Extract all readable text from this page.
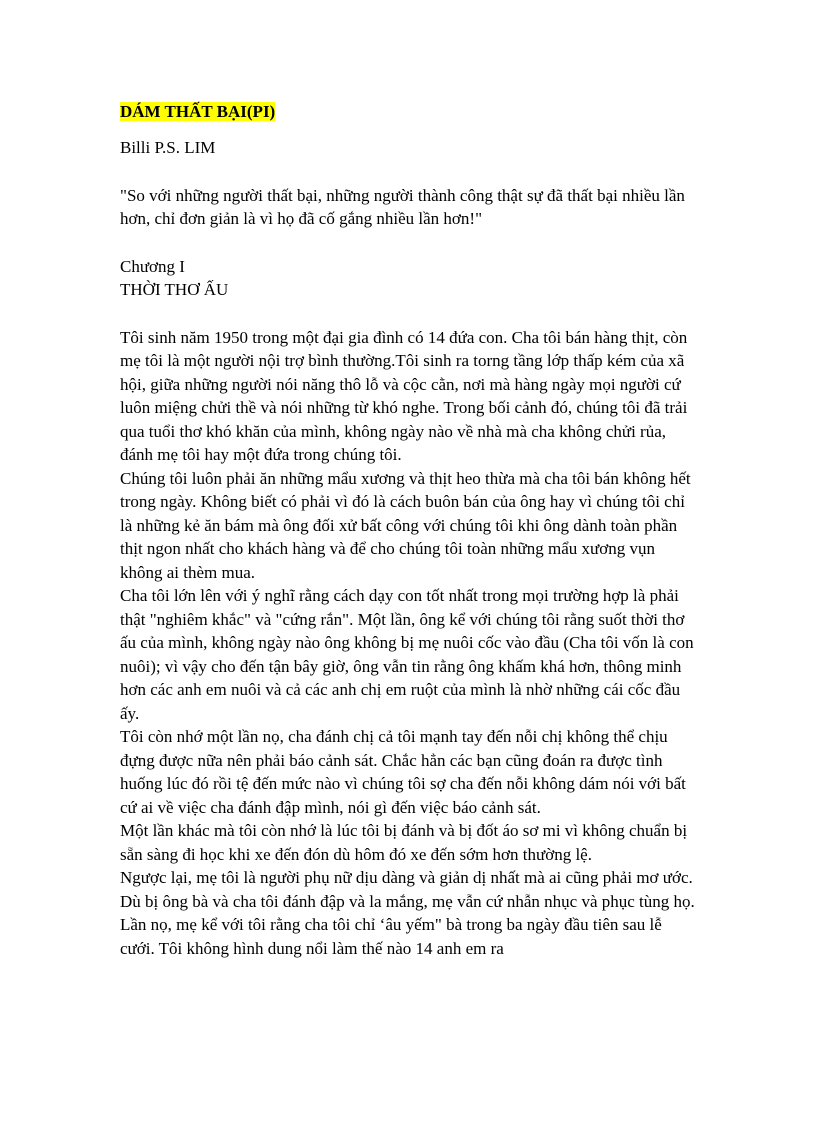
DÁM THẤT BẠI(PI)
Billi P.S. LIM
"So với những người thất bại, những người thành công thật sự đã thất bại nhiều lần hơn, chỉ đơn giản là vì họ đã cố gắng nhiều lần hơn!"
Chương I
THỜI THƠ ẤU

Tôi sinh năm 1950 trong một đại gia đình có 14 đứa con. Cha tôi bán hàng thịt, còn mẹ tôi là một người nội trợ bình thường.Tôi sinh ra torng tầng lớp thấp kém của xã hội, giữa những người nói năng thô lỗ và cộc cằn, nơi mà hàng ngày mọi người cứ luôn miệng chửi thề và nói những từ khó nghe. Trong bối cảnh đó, chúng tôi đã trải qua tuổi thơ khó khăn của mình, không ngày nào về nhà mà cha không chửi rủa, đánh mẹ tôi hay một đứa trong chúng tôi.

Chúng tôi luôn phải ăn những mẩu xương và thịt heo thừa mà cha tôi bán không hết trong ngày. Không biết có phải vì đó là cách buôn bán của ông hay vì chúng tôi chỉ là những kẻ ăn bám mà ông đối xử bất công với chúng tôi khi ông dành toàn phần thịt ngon nhất cho khách hàng và để cho chúng tôi toàn những mẩu xương vụn không ai thèm mua.

Cha tôi lớn lên với ý nghĩ rằng cách dạy con tốt nhất trong mọi trường hợp là phải thật "nghiêm khắc" và "cứng rắn". Một lần, ông kể với chúng tôi rằng suốt thời thơ ấu của mình, không ngày nào ông không bị mẹ nuôi cốc vào đầu (Cha tôi vốn là con nuôi); vì vậy cho đến tận bây giờ, ông vẫn tin rằng ông khấm khá hơn, thông minh hơn các anh em nuôi và cả các anh chị em ruột của mình là nhờ những cái cốc đầu ấy.

Tôi còn nhớ một lần nọ, cha đánh chị cả tôi mạnh tay đến nỗi chị không thể chịu đựng được nữa nên phải báo cảnh sát. Chắc hẳn các bạn cũng đoán ra được tình huống lúc đó rồi tệ đến mức nào vì chúng tôi sợ cha đến nỗi không dám nói với bất cứ ai về việc cha đánh đập mình, nói gì đến việc báo cảnh sát.

Một lần khác mà tôi còn nhớ là lúc tôi bị đánh và bị đốt áo sơ mi vì không chuẩn bị sẵn sàng đi học khi xe đến đón dù hôm đó xe đến sớm hơn thường lệ.

Ngược lại, mẹ tôi là người phụ nữ dịu dàng và giản dị nhất mà ai cũng phải mơ ước. Dù bị ông bà và cha tôi đánh đập và la mắng, mẹ vẫn cứ nhẫn nhục và phục tùng họ. Lần nọ, mẹ kể với tôi rằng cha tôi chỉ ‘âu yếm" bà trong ba ngày đầu tiên sau lễ cưới. Tôi không hình dung nổi làm thế nào 14 anh em ra
